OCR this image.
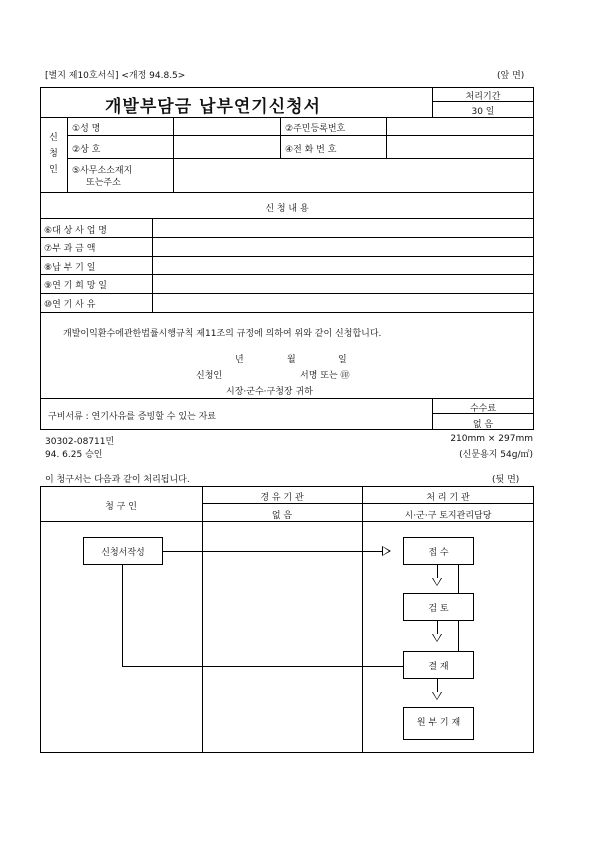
[별지 제10호서식] <개정 94.8.5>	(앞 면)
개발부담금 납부연기신청서	처리기간
30 일
신청인
①성 명	②주민등록번호
②상 호	④전 화 번 호
⑤사무소소재지
또는주소
신 청 내 용
⑥대 상 사 업 명
⑦부 과 금 액
⑧납 부 기 일
⑨연 기 희 망 일
⑩연 기 사 유
개발이익환수에관한법률시행규칙 제11조의 규정에 의하여 위와 같이 신청합니다.
년	월	일
신청인	서명 또는 ㊞
시장·군수·구청장 귀하
구비서류 : 연기사유를 증빙할 수 있는 자료
수수료
없 음
30302-08711민
94. 6.25 승인
210mm × 297mm
(신문용지 54g/㎡)
이 청구서는 다음과 같이 처리됩니다.	(뒷 면)
청 구 인
경 유 기 관
없 음
처 리 기 관
시·군·구 토지관리담당
신청서작성	접 수
검 토
결 재
원 부 기 재
